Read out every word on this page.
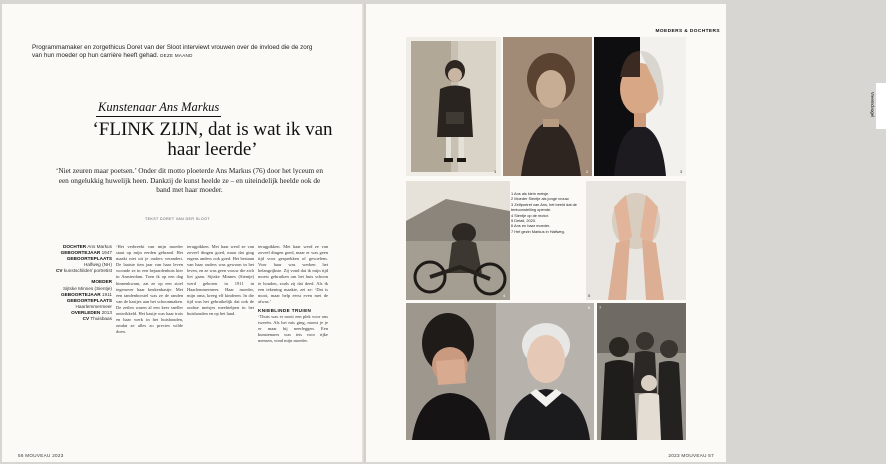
Programmamaker en zorgethicus Doret van der Sloot interviewt vrouwen over de invloed die de zorg van hun moeder op hun carrière heeft gehad. DEZE MAAND
Kunstenaar Ans Markus
‘FLINK ZIJN, dat is wat ik van haar leerde’
‘Niet zeuren maar poetsen.’ Onder dit motto ploeterde Ans Markus (76) door het lyceum en een ongelukkig huwelijk heen. Dankzij de kunst heelde ze – en uiteindelijk heelde ook de band met haar moeder.
TEKST DORET VAN DER SLOOT
DOCHTER Ans Markus
GEBOORTEJAAR 1947
GEBOORTEPLAATS
Halfweg (NH)
CV kunstschilder/ portretist
MOEDER
Sijtske Minnes (Sientje)
GEBOORTEJAAR 1911
GEBOORTEPLAATS
Haarlemmermeer
OVERLEDEN 2013
CV Thuisbaas
‘Het verbreekt van mijn moeder staat op mijn eerden gebrand. Het maakt niet uit je ouders verandert. De laatste tien jaar van haar leven woonde ze in een bejaardenhuis hier in Amsterdam. Toen ik op een dag binnenkwam, zat ze op een stoel tegenover haar keukenkastje. Met een tandenborstel was ze de randen van de kastjes aan het schoonmaken. De zeilen waren al een keer sneller ontwikkeld. Het kastje was haar trots en haar werk in het huishouden, omdat ze alles zo precies wilde doen.
terugpikken. Met haar werd ze van zoveel dingen goed, maar dat ging ergens anders ook goed. Het bestaan van haar ouders was gewoon in het leven, en ze was geen vrouw die zich liet gaan. Sijtske Minnes (Sientje) werd geboren in 1911 in Haarlemmermeer. Haar moeder, mijn oma, kreeg elf kinderen. In die tijd was het gebruikelijk dat ook de oudste meisjes meehielpen in het huishouden en op het land.
terugpikken. Met haar werd ze van zoveel dingen goed, maar er was geen tijd voor gesprekken of gevoelens. Voor haar was werken het belangrijkste. Zij vond dat ik mijn tijd moest gebruiken om het huis schoon te houden, zoals zij dat deed. Als ik een tekening maakte, zei ze: ‘Dat is mooi, maar help eerst even met de afwas.’
KNIEBLINDE TRUIEN
‘Thuis was er nooit een plek voor ons tweeën. Als het mis ging, moest je je er maar bij neerleggen. Een kunstenares was iets voor rijke mensen, vond mijn moeder.
56 MOUVEAU 2023
MOEDERS & DOCHTERS
1	2
Vreemdvogel
3
4
1 Ans als klein meisje.
2 Moeder Sientje als jonge vrouw.
3 Zelfportret van Ans, het beeld dat de tentoonstelling opende.
4 Sientje op de motor.
5 Detail, 2020.
6 Ans en haar moeder.
7 Het gezin Markus in Halfweg.
5
6 7
2023 MOUVEAU 57
